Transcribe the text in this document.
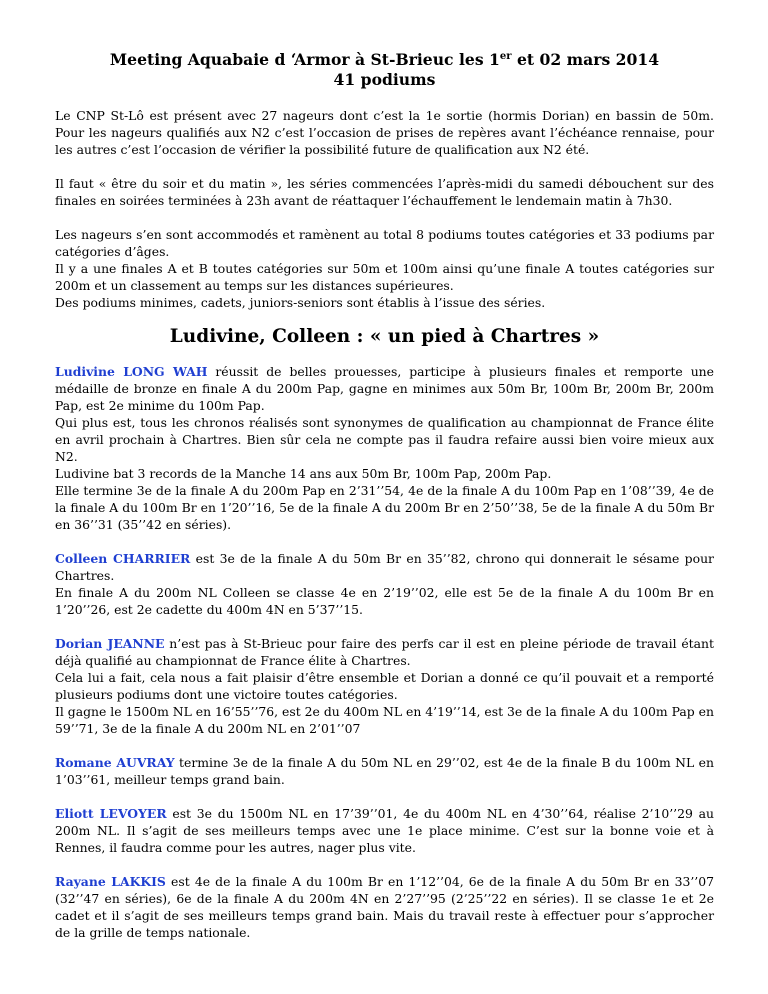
Meeting Aquabaie d ‘Armor à St-Brieuc les 1er et 02 mars 2014

41 podiums

Le CNP St-Lô est présent avec 27 nageurs dont c’est la 1e sortie (hormis Dorian) en bassin de 50m. Pour les nageurs qualifiés aux N2 c’est l’occasion de prises de repères avant l’échéance rennaise, pour les autres c’est l’occasion de vérifier la possibilité future de qualification aux N2 été.

Il faut « être du soir et du matin », les séries commencées l’après-midi du samedi débouchent sur des finales en soirées terminées à 23h avant de réattaquer l’échauffement le lendemain matin à 7h30.

Les nageurs s’en sont accommodés et ramènent au total 8 podiums toutes catégories et 33 podiums par catégories d’âges.
Il y a une finales A et B toutes catégories sur 50m et 100m ainsi qu’une finale A toutes catégories sur 200m et un classement au temps sur les distances supérieures.
Des podiums minimes, cadets, juniors-seniors sont établis à l’issue des séries.

Ludivine, Colleen : « un pied à Chartres »

Ludivine LONG WAH réussit de belles prouesses, participe à plusieurs finales et remporte une médaille de bronze en finale A du 200m Pap, gagne en minimes aux 50m Br, 100m Br, 200m Br, 200m Pap, est 2e minime du 100m Pap.
Qui plus est, tous les chronos réalisés sont synonymes de qualification au championnat de France élite en avril prochain à Chartres. Bien sûr cela ne compte pas il faudra refaire aussi bien voire mieux aux N2.
Ludivine bat 3 records de la Manche 14 ans aux 50m Br, 100m Pap, 200m Pap.
Elle termine 3e de la finale A du 200m Pap en 2’31’’54, 4e de la finale A du 100m Pap en 1’08’’39, 4e de la finale A du 100m Br en 1’20’’16, 5e de la finale A du 200m Br en 2’50’’38, 5e de la finale A du 50m Br en 36’’31 (35’’42 en séries).

Colleen CHARRIER est 3e de la finale A du 50m Br en 35’’82, chrono qui donnerait le sésame pour Chartres.
En finale A du 200m NL Colleen se classe 4e en 2’19’’02, elle est 5e de la finale A du 100m Br en 1’20’’26, est 2e cadette du 400m 4N en 5’37’’15.

Dorian JEANNE n’est pas à St-Brieuc pour faire des perfs car il est en pleine période de travail étant déjà qualifié au championnat de France élite à Chartres.
Cela lui a fait, cela nous a fait plaisir d’être ensemble et Dorian a donné ce qu’il pouvait et a remporté plusieurs podiums dont une victoire toutes catégories.
Il gagne le 1500m NL en 16’55’’76, est 2e du 400m NL en 4’19’’14, est 3e de la finale A du 100m Pap en 59’’71, 3e de la finale A du 200m NL en 2’01’’07

Romane AUVRAY termine 3e de la finale A du 50m NL en 29’’02, est 4e de la finale B du 100m NL en 1’03’’61, meilleur temps grand bain.

Eliott LEVOYER est 3e du 1500m NL en 17’39’’01, 4e du 400m NL en 4’30’’64, réalise 2’10’’29 au 200m NL. Il s’agit de ses meilleurs temps avec une 1e place minime. C’est sur la bonne voie et à Rennes, il faudra comme pour les autres, nager plus vite.

Rayane LAKKIS est 4e de la finale A du 100m Br en 1’12’’04, 6e de la finale A du 50m Br en 33’’07 (32’’47 en séries), 6e de la finale A du 200m 4N en 2’27’’95 (2’25’’22 en séries). Il se classe 1e et 2e cadet et il s’agit de ses meilleurs temps grand bain. Mais du travail reste à effectuer pour s’approcher de la grille de temps nationale.
